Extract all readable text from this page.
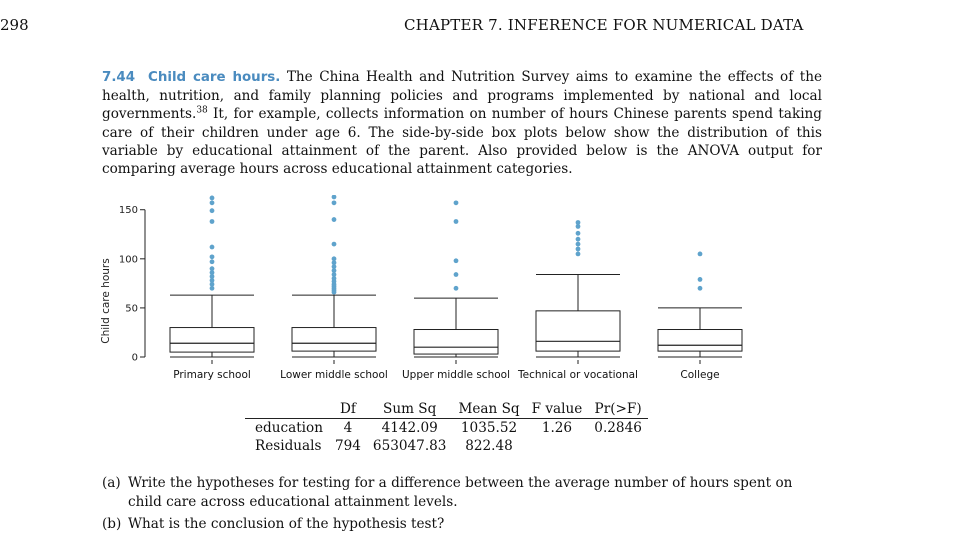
298	CHAPTER 7. INFERENCE FOR NUMERICAL DATA
7.44 Child care hours. The China Health and Nutrition Survey aims to examine the effects of the health, nutrition, and family planning policies and programs implemented by national and local governments.$^{38}$ It, for example, collects information on number of hours Chinese parents spend taking care of their children under age 6. The side-by-side box plots below show the distribution of this variable by educational attainment of the parent. Also provided below is the ANOVA output for comparing average hours across educational attainment categories.
0
50
100
150
Child care hours
Primary school	Lower middle school Upper middle school Technical or vocational	College
	Df	Sum Sq	Mean Sq	F value	Pr(>F)
education	4	4142.09	1035.52	1.26	0.2846
Residuals	794	653047.83	822.48		
(a) Write the hypotheses for testing for a difference between the average number of hours spent on child care across educational attainment levels.
(b) What is the conclusion of the hypothesis test?
